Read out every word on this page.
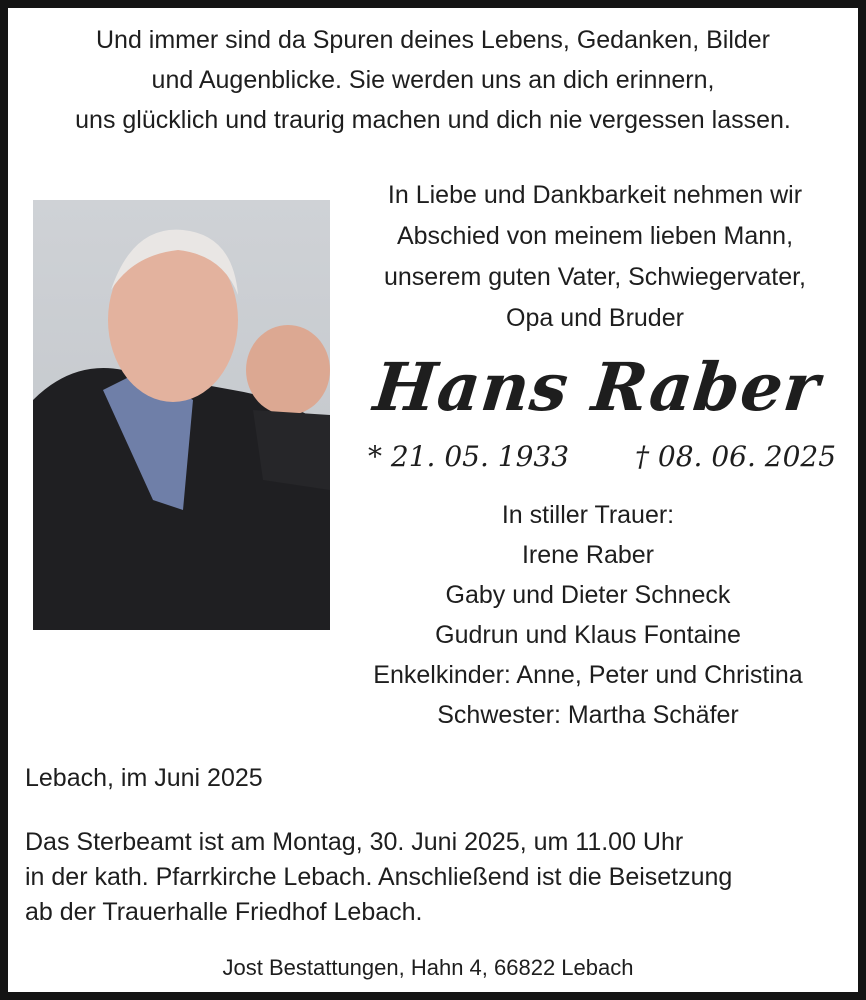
Und immer sind da Spuren deines Lebens, Gedanken, Bilder
und Augenblicke. Sie werden uns an dich erinnern,
uns glücklich und traurig machen und dich nie vergessen lassen.
In Liebe und Dankbarkeit nehmen wir
Abschied von meinem lieben Mann,
unserem guten Vater, Schwiegervater,
Opa und Bruder
Hans Raber
* 21. 05. 1933 † 08. 06. 2025
In stiller Trauer:
Irene Raber
Gaby und Dieter Schneck
Gudrun und Klaus Fontaine
Enkelkinder: Anne, Peter und Christina
Schwester: Martha Schäfer
Lebach, im Juni 2025
Das Sterbeamt ist am Montag, 30. Juni 2025, um 11.00 Uhr
in der kath. Pfarrkirche Lebach. Anschließend ist die Beisetzung
ab der Trauerhalle Friedhof Lebach.
Jost Bestattungen, Hahn 4, 66822 Lebach
